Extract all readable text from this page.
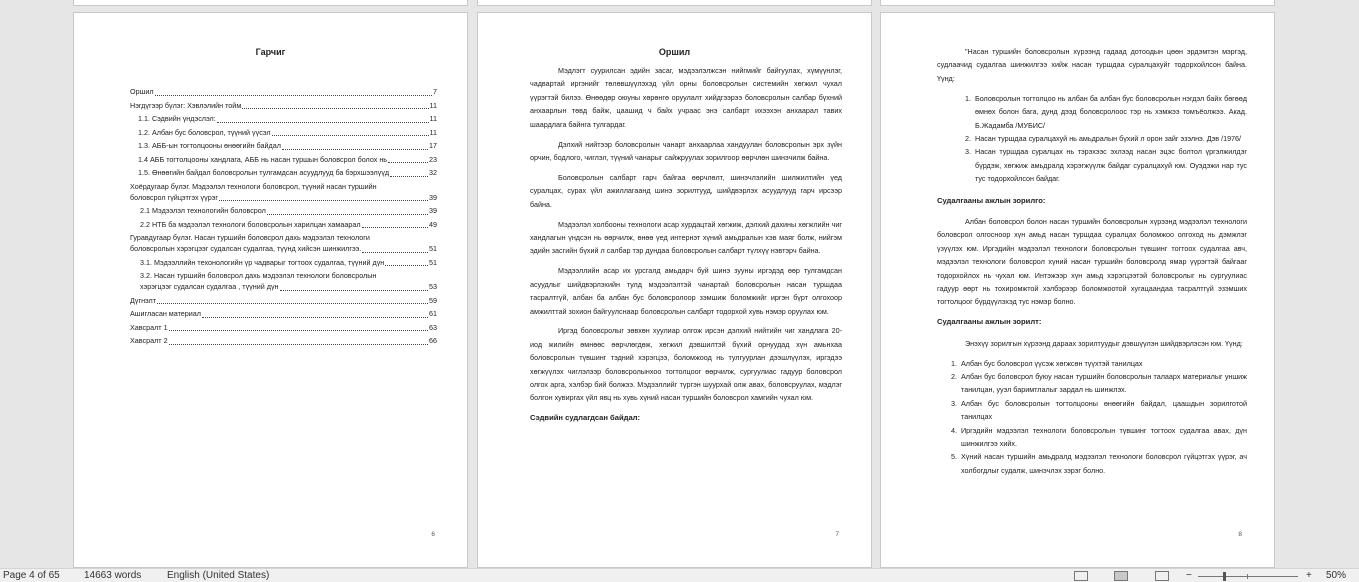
Гарчиг
Оршил	7
Нэгдүгээр бүлэг: Хэвлэлийн тойм	11
1.1. Сэдвийн үндэслэл:	11
1.2. Албан бус боловсрол, түүний үүсэл	11
1.3. АББ-ын тогтолцооны өнөөгийн байдал	17
1.4 АББ тогтолцооны хандлага, АББ нь насан туршын боловсрол болох нь	23
1.5. Өнөөгийн байдал боловсролын тулгамдсан асуудлууд ба бэрхшээлүүд	32
Хоёрдугаар бүлэг. Мэдээлэл технологи боловсрол, түүний насан туршийн
боловсрол гүйцэтгэх үүрэг	39
2.1 Мэдээлэл технологийн боловсрол	39
2.2 НТБ ба мэдээлэл технологи боловсролын харилцан хамаарал	49
Гуравдугаар бүлэг. Насан туршийн боловсрол дахь мэдээлэл технологи
боловсролын хэрэгцээг судалсан судалгаа, түүнд хийсэн шинжилгээ.	51
3.1. Мэдээллийн техонологийн үр чадварыг тогтоох судалгаа, түүний дүн	51
3.2. Насан туршийн боловсрол дахь мэдээлэл технологи боловсролын
хэрэгцээг судалсан судалгаа , түүний дүн	53
Дүгнэлт	59
Ашигласан материал	61
Хавсралт 1	63
Хавсралт 2	66
6
Оршил

Мэдлэгт суурилсан эдийн засаг, мэдээлэлжсэн нийгмийг байгуулах, хүмүүнлэг, чадвартай иргэнийг төлөвшүүлэхэд үйл орны боловсролын системийн хөгжил чухал үүрэгтэй билээ. Өнөөдөр оюуны хөрөнгө оруулалт хийдгээрээ боловсролын салбар бүхний анхаарлын төвд байж, цаашид ч байх учраас энэ салбарт ихээхэн анхаарал тавих шаардлага байнга тулгардаг.

Дэлхий нийтээр боловсролын чанарт анхаарлаа хандуулан боловсролын эрх зүйн орчин, бодлого, чиглэл, түүний чанарыг сайжруулах зорилгоор өөрчлөн шинэчилж байна.

Боловсролын салбарт гарч байгаа өөрчлөлт, шинэчлэлийн шилжилтийн үед суралцах, сурах үйл ажиллагаанд шинэ зорилтууд, шийдвэрлэх асуудлууд гарч ирсээр байна.

Мэдээлэл холбооны технологи асар хурдацтай хөгжиж, дэлхий дахины хөгжлийн чиг хандлагын үндсэн нь өөрчилж, өнөө үед интернэт хүний амьдралын хэв маяг болж, нийгэм эдийн засгийн бүхий л салбар тэр дундаа боловсролын салбарт түлхүү нэвтэрч байна.

Мэдээллийн асар их урсгалд амьдарч буй шинэ зууны иргэдэд өөр тулгамдсан асуудлыг шийдвэрлэхийн тулд мэдээлэлтэй чанартай боловсролын насан туршдаа тасралтгүй, албан ба албан бус боловсролоор зэмшиж боломжийг иргэн бүрт олгохоор амжилттай зохион байгуулснаар боловсролын салбарт тодорхой хувь нэмэр оруулах юм.

Иргэд боловсролыг зөвхөн хуулиар олгож ирсэн дэлхий нийтийн чиг хандлага 20-иод жилийн өмнөөс өөрчлөгдөж, хөгжил дэвшилтэй бүхий орнуудад хүн амьнхаа боловсролын түвшинг тэдний хэрэгцээ, боломжоод нь тулгуурлан дээшлүүлэх, иргэдээ хөгжүүлэх чиглэлээр боловсролынхоо тогтолцоог өөрчилж, сургуулиас гадуур боловсрол олгох арга, хэлбэр бий болжээ. Мэдээллийг түргэн шуурхай олж авах, боловсруулах, мэдлэг болгон хувиргах үйл явц нь хувь хүний насан туршийн боловсрол хамгийн чухал юм.

Сэдвийн судлагдсан байдал:
7

"Насан туршийн боловсролын хүрээнд гадаад дотоодын цөөн эрдэмтэн мэргэд, судлаачид судалгаа шинжилгээ хийж насан туршдаа суралцахуйг тодорхойлсон байна. Үүнд:

1. Боловсролын тогтолцоо нь албан ба албан бус боловсролын нэгдэл байх бөгөөд өмнөх болон бага, дунд дээд боловсролоос тэр нь хэмжээ томъёолжээ. Акад. Б.Жадамба /МУБИС/
2. Насан туршдаа суралцахуй нь амьдралын бүхий л орон зайг эзэлнэ. Дэв /1976/
3. Насан туршдаа суралцах нь тэрэхээс эхлээд насан эцэс болтол үргэлжилдэг бүрдэж, хөгжиж амьдралд хэрэгжүүлж байдаг суралцахуй юм. Оуэдэжи нар тус тус тодорхойлсон байдаг.
Судалгааны ажлын зорилго:

Албан боловсрол болон насан туршийн боловсролын хүрээнд мэдээлэл технологи боловсрол олгосноор хүн амьд насан туршдаа суралцах боломжоо олгоход нь дэмжлэг үзүүлэх юм. Иргэдийн мэдээлэл технологи боловсролын түвшинг тогтоох судалгаа авч, мэдээлэл технологи боловсрол хүний насан туршийн боловсролд ямар үүрэгтэй байгааг тодорхойлох нь чухал юм. Интэжээр хүн амьд хэрэгцээтэй боловсролыг нь сургуулиас гадуур өөрт нь тохиромжтой хэлбэрээр боломжоотой хугацаандаа тасралтгүй эзэмших тогтолцоог бүрдүүлэхэд тус нэмэр болно.

Судалгааны ажлын зорилт:

Энэхүү зорилгын хүрээнд дараах зорилтуудыг дэвшүүлэн шийдвэрлэсэн юм. Үүнд:

1. Албан бус боловсрол үүсэж хөгжсөн түүхтэй танилцах
2. Албан бус боловсрол буюу насан туршийн боловсролын талаарх материалыг уншиж танилцан, ууэл баримтлалыг зардал нь шинжлэх.
3. Албан бус боловсролын тогтолцооны өнөөгийн байдал, цаашдын зорилготой танилцах
4. Иргэдийн мэдээлэл технологи боловсролын түвшинг тогтоох судалгаа авах, дүн шинжилгээ хийх.
5. Хүний насан туршийн амьдралд мэдээлэл технологи боловсрол гүйцэтгэх үүрэг, ач холбогдлыг судалж, шинэчлэх зэрэг болно.
8
Page 4 of 65 14663 words	English (United States)	−	+ 50%
